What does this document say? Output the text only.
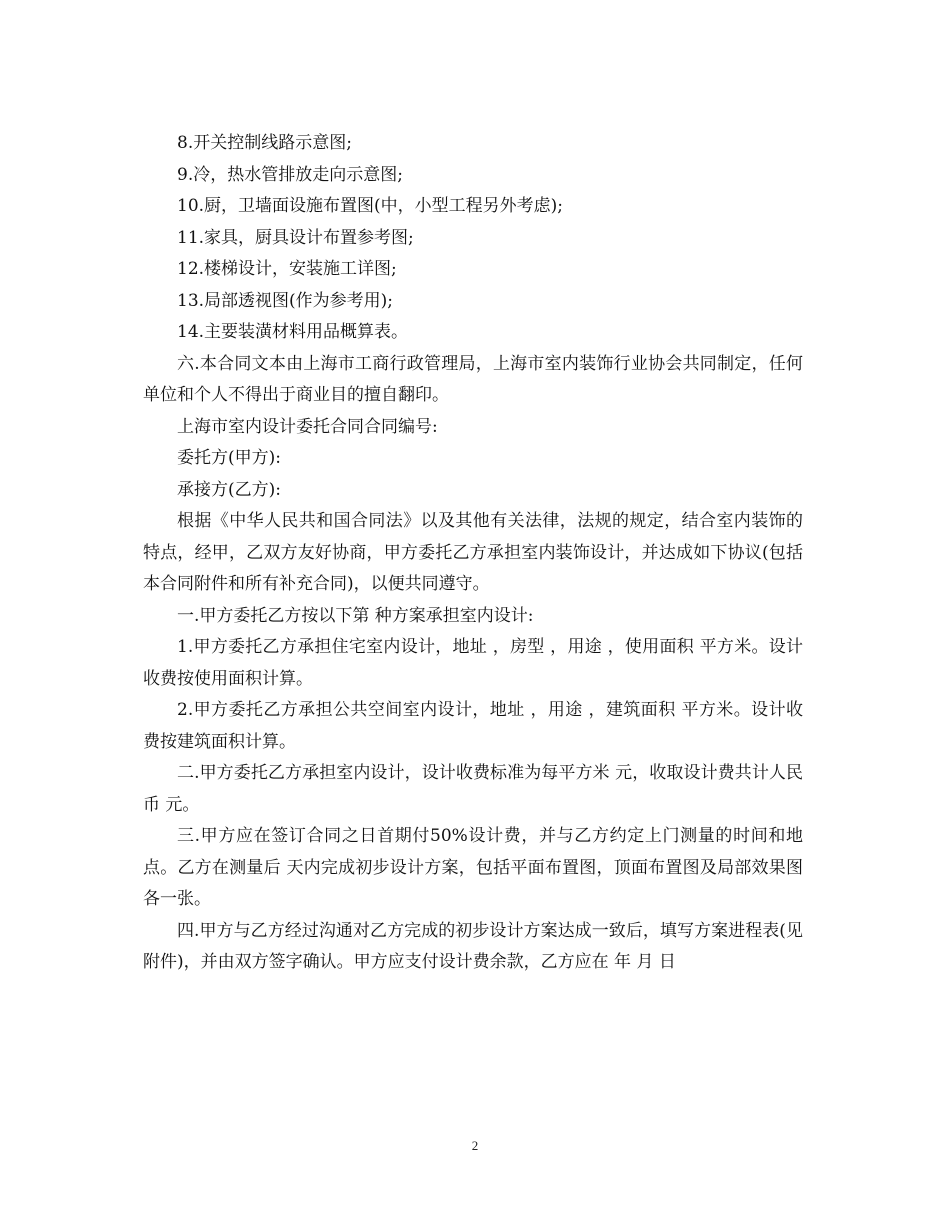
8.开关控制线路示意图;

9.冷，热水管排放走向示意图;

10.厨，卫墙面设施布置图(中，小型工程另外考虑);

11.家具，厨具设计布置参考图;

12.楼梯设计，安装施工详图;

13.局部透视图(作为参考用);

14.主要装潢材料用品概算表。

六.本合同文本由上海市工商行政管理局，上海市室内装饰行业协会共同制定，任何单位和个人不得出于商业目的擅自翻印。

上海市室内设计委托合同合同编号:

委托方(甲方):

承接方(乙方):

根据《中华人民共和国合同法》以及其他有关法律，法规的规定，结合室内装饰的特点，经甲，乙双方友好协商，甲方委托乙方承担室内装饰设计，并达成如下协议(包括本合同附件和所有补充合同)，以便共同遵守。

一.甲方委托乙方按以下第 种方案承担室内设计:

1.甲方委托乙方承担住宅室内设计，地址 ，房型 ，用途 ，使用面积 平方米。设计收费按使用面积计算。

2.甲方委托乙方承担公共空间室内设计，地址 ，用途 ，建筑面积 平方米。设计收费按建筑面积计算。

二.甲方委托乙方承担室内设计，设计收费标准为每平方米 元，收取设计费共计人民币 元。

三.甲方应在签订合同之日首期付50%设计费，并与乙方约定上门测量的时间和地点。乙方在测量后 天内完成初步设计方案，包括平面布置图，顶面布置图及局部效果图各一张。

四.甲方与乙方经过沟通对乙方完成的初步设计方案达成一致后，填写方案进程表(见附件)，并由双方签字确认。甲方应支付设计费余款，乙方应在 年 月 日

2
